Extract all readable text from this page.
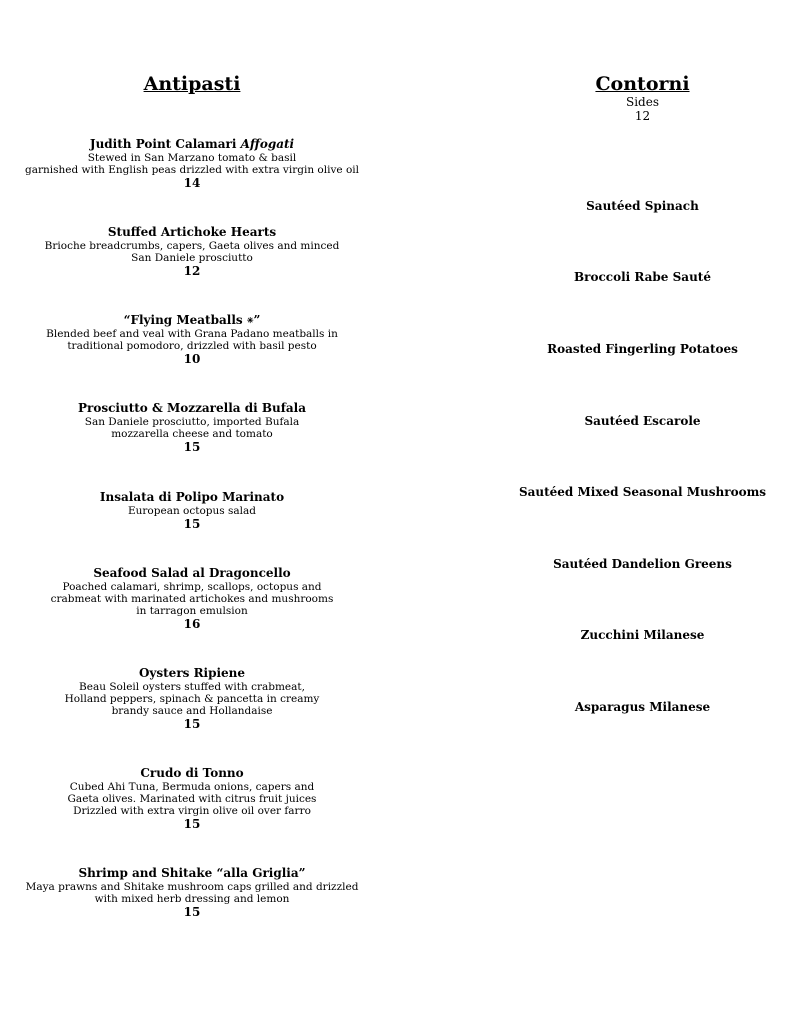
Antipasti
Judith Point Calamari Affogati
Stewed in San Marzano tomato & basil
garnished with English peas drizzled with extra virgin olive oil
14
Stuffed Artichoke Hearts
Brioche breadcrumbs, capers, Gaeta olives and minced
San Daniele prosciutto
12
“Flying Meatballs ✳”
Blended beef and veal with Grana Padano meatballs in
traditional pomodoro, drizzled with basil pesto
10
Prosciutto & Mozzarella di Bufala
San Daniele prosciutto, imported Bufala
mozzarella cheese and tomato
15
Insalata di Polipo Marinato
European octopus salad
15
Seafood Salad al Dragoncello
Poached calamari, shrimp, scallops, octopus and
crabmeat with marinated artichokes and mushrooms
in tarragon emulsion
16
Oysters Ripiene
Beau Soleil oysters stuffed with crabmeat,
Holland peppers, spinach & pancetta in creamy
brandy sauce and Hollandaise
15
Crudo di Tonno
Cubed Ahi Tuna, Bermuda onions, capers and
Gaeta olives. Marinated with citrus fruit juices
Drizzled with extra virgin olive oil over farro
15
Shrimp and Shitake “alla Griglia”
Maya prawns and Shitake mushroom caps grilled and drizzled
with mixed herb dressing and lemon
15
Contorni
Sides
12
Sautéed Spinach
Broccoli Rabe Sauté
Roasted Fingerling Potatoes
Sautéed Escarole
Sautéed Mixed Seasonal Mushrooms
Sautéed Dandelion Greens
Zucchini Milanese
Asparagus Milanese
